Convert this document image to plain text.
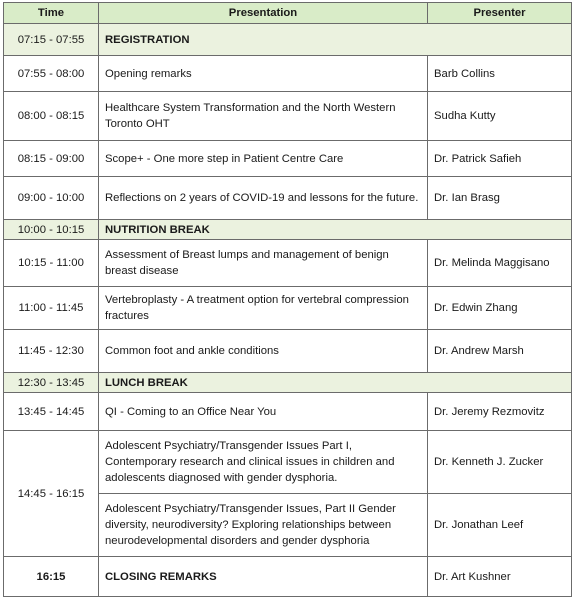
Time	Presentation	Presenter
07:15 - 07:55	REGISTRATION	
07:55 - 08:00	Opening remarks	Barb Collins
08:00 - 08:15	Healthcare System Transformation and the North Western Toronto OHT	Sudha Kutty
08:15 - 09:00	Scope+ - One more step in Patient Centre Care	Dr. Patrick Safieh
09:00 - 10:00	Reflections on 2 years of COVID-19 and lessons for the future.	Dr. Ian Brasg
10:00 - 10:15	NUTRITION BREAK	
10:15 - 11:00	Assessment of Breast lumps and management of benign breast disease	Dr. Melinda Maggisano
11:00 - 11:45	Vertebroplasty - A treatment option for vertebral compression fractures	Dr. Edwin Zhang
11:45 - 12:30	Common foot and ankle conditions	Dr. Andrew Marsh
12:30 - 13:45	LUNCH BREAK	
13:45 - 14:45	QI - Coming to an Office Near You	Dr. Jeremy Rezmovitz
14:45 - 16:15	Adolescent Psychiatry/Transgender Issues Part I, Contemporary research and clinical issues in children and adolescents diagnosed with gender dysphoria.	Dr. Kenneth J. Zucker
	Adolescent Psychiatry/Transgender Issues, Part II Gender diversity, neurodiversity? Exploring relationships between neurodevelopmental disorders and gender dysphoria	Dr. Jonathan Leef
16:15	CLOSING REMARKS	Dr. Art Kushner
